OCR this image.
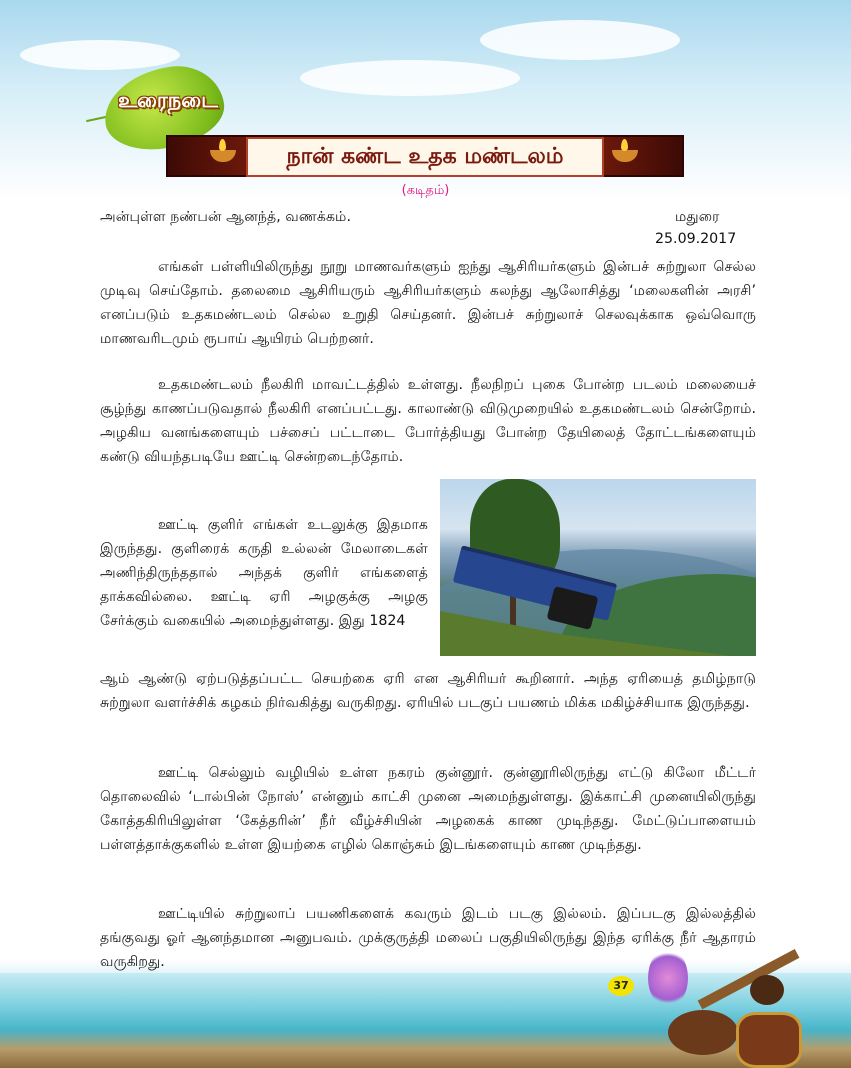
உரைநடை
நான் கண்ட உதக மண்டலம்
(கடிதம்)
அன்புள்ள நண்பன் ஆனந்த், வணக்கம்.	மதுரை
25.09.2017
எங்கள் பள்ளியிலிருந்து நூறு மாணவர்களும் ஐந்து ஆசிரியர்களும் இன்பச் சுற்றுலா செல்ல முடிவு செய்தோம். தலைமை ஆசிரியரும் ஆசிரியர்களும் கலந்து ஆலோசித்து ‘மலைகளின் அரசி’ எனப்படும் உதகமண்டலம் செல்ல உறுதி செய்தனர். இன்பச் சுற்றுலாச் செலவுக்காக ஒவ்வொரு மாணவரிடமும் ரூபாய் ஆயிரம் பெற்றனர்.
உதகமண்டலம் நீலகிரி மாவட்டத்தில் உள்ளது. நீலநிறப் புகை போன்ற படலம் மலையைச் சூழ்ந்து காணப்படுவதால் நீலகிரி எனப்பட்டது. காலாண்டு விடுமுறையில் உதகமண்டலம் சென்றோம். அழகிய வனங்களையும் பச்சைப் பட்டாடை போர்த்தியது போன்ற தேயிலைத் தோட்டங்களையும் கண்டு வியந்தபடியே ஊட்டி சென்றடைந்தோம்.
ஊட்டி குளிர் எங்கள் உடலுக்கு இதமாக இருந்தது. குளிரைக் கருதி உல்லன் மேலாடைகள் அணிந்திருந்ததால் அந்தக் குளிர் எங்களைத் தாக்கவில்லை. ஊட்டி ஏரி அழகுக்கு அழகு சேர்க்கும் வகையில் அமைந்துள்ளது. இது 1824
ஆம் ஆண்டு ஏற்படுத்தப்பட்ட செயற்கை ஏரி என ஆசிரியர் கூறினார். அந்த ஏரியைத் தமிழ்நாடு சுற்றுலா வளர்ச்சிக் கழகம் நிர்வகித்து வருகிறது. ஏரியில் படகுப் பயணம் மிக்க மகிழ்ச்சியாக இருந்தது.
ஊட்டி செல்லும் வழியில் உள்ள நகரம் குன்னூர். குன்னூரிலிருந்து எட்டு கிலோ மீட்டர் தொலைவில் ‘டால்பின் நோஸ்’ என்னும் காட்சி முனை அமைந்துள்ளது. இக்காட்சி முனையிலிருந்து கோத்தகிரியிலுள்ள ‘கேத்தரின்’ நீர் வீழ்ச்சியின் அழகைக் காண முடிந்தது. மேட்டுப்பாளையம் பள்ளத்தாக்குகளில் உள்ள இயற்கை எழில் கொஞ்சும் இடங்களையும் காண முடிந்தது.
ஊட்டியில் சுற்றுலாப் பயணிகளைக் கவரும் இடம் படகு இல்லம். இப்படகு இல்லத்தில் தங்குவது ஓர் ஆனந்தமான அனுபவம். முக்குருத்தி மலைப் பகுதியிலிருந்து இந்த ஏரிக்கு நீர் ஆதாரம் வருகிறது.
37
